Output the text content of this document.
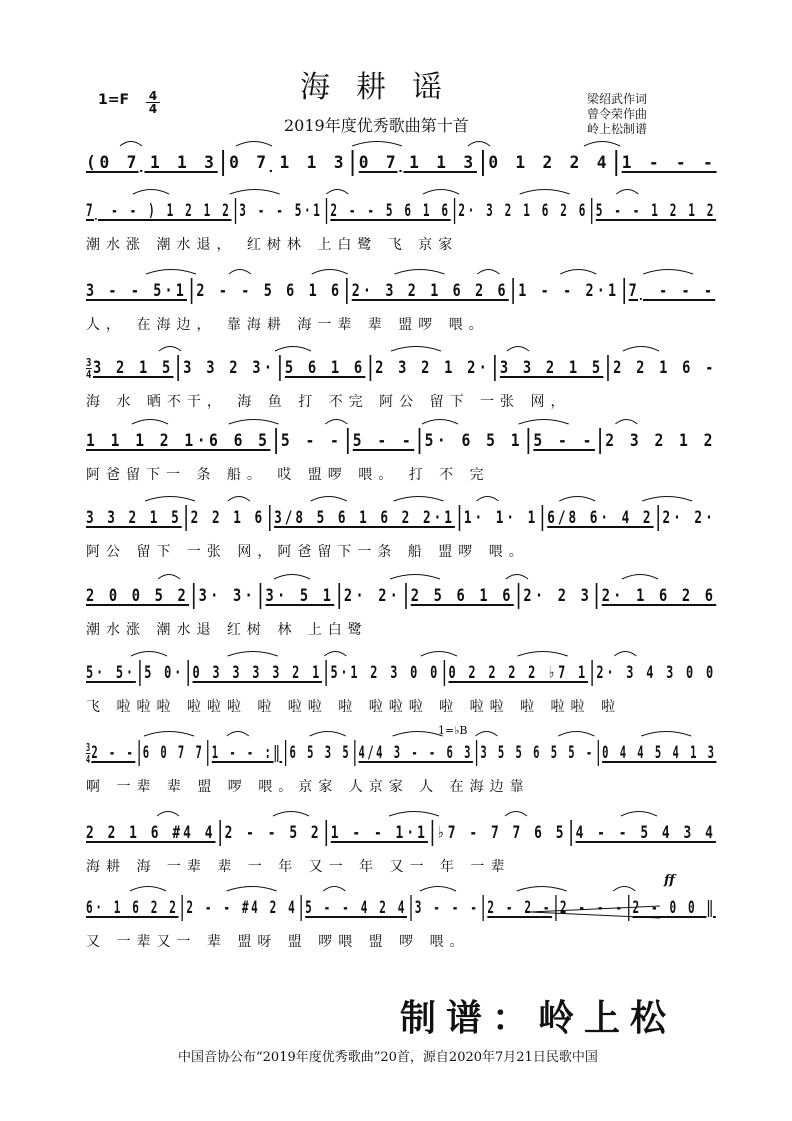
海耕谣
1=F 4
4
2019年度优秀歌曲第十首
梁绍武作词
曾令荣作曲
岭上松制谱
(0 7̣1 1 3 0 7̣1 1 3 0 7̣1 1 3 0 1 2 2 4 1 - - -
7̣ - - ) 1 2 1 2 3 - - 5·1 2 - - 5 6 1 6 2· 3 2 1 6 2 6 5 - - 1 2 1 2
潮水涨 潮水退， 红树林 上白鹭 飞 京家
3 - - 5·1 2 - - 5 6 1 6 2· 3 2 1 6 2 6 1 - - 2·1 7̣ - - -
人， 在海边， 靠海耕 海一辈 辈 盟啰 喂。
$\frac{3}{4} 3$ 2 1 5 3 3 2 3· 5 6 1 6 2 3 2 1 2· 3 3 2 1 5 2 2 1 6 -
海 水 晒不干， 海 鱼 打 不完 阿公 留下 一张 网，
1 1 1 2 1·6 6 5 5 - - 5 - - 5· 6 5 1 5 - - 2 3 2 1 2
阿爸留下一 条 船。 哎 盟啰 喂。 打 不 完
3 3 2 1 5 2 2 1 6 3/8 5 6 1 6 2 2·1 1· 1· 1 6/8 6· 4 2 2· 2·
阿公 留下 一张 网，阿爸留下一条 船 盟啰 喂。
2 0 0 5 2 3· 3· 3· 5 1 2· 2· 2 5 6 1 6 2· 2 3 2· 1 6 2 6
潮水涨 潮水退 红树 林 上白鹭
5· 5· 5 0· 0 3 3 3 3 2 1 5·1 2 3 0 0 0 2 2 2 2 ♭7 1 2· 3 4 3 0 0
飞 啦啦啦 啦啦啦 啦 啦啦 啦 啦啦啦 啦 啦啦 啦 啦啦 啦
$\frac{3}{4} 2$ - - 6 0 7 7 1 - - :‖ 6 5 3 5 4/4 3 - - 6 3 3 5 5 6 5 5 - 0 4 4 5 4 1 3
啊 一辈 辈 盟 啰 喂。京家 人京家 人 在海边靠
1=♭B
2 2 1 6 #4 4 2 - - 5 2 1 - - 1·1 ♭7 - 7 7 6 5 4 - - 5 4 3 4
海耕 海 一辈 辈 一 年 又一 年 又一 年 一辈
6· 1 6 2 2 2 - - #4 2 4 5 - - 4 2 4 3 - - - 2 - 2 - 2 - - - 2 - 0 0 ‖
又 一辈又一 辈 盟呀 盟 啰喂 盟 啰 喂。
ff
制谱：岭上松
中国音协公布“2019年度优秀歌曲”20首，源自2020年7月21日民歌中国
